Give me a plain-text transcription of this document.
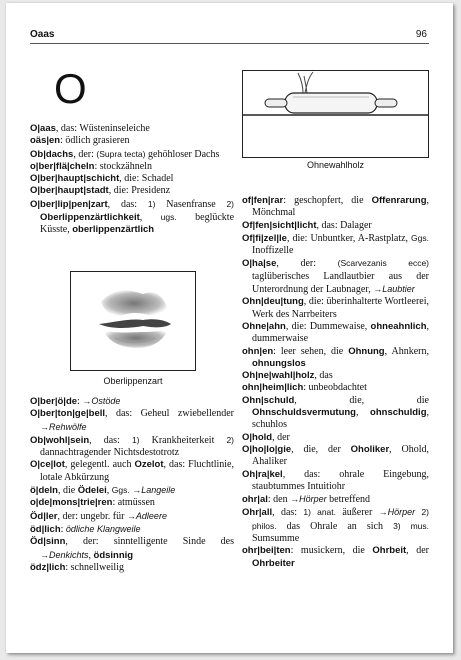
Oaas	96
O
O|aas, das: Wüsteninseleiche
oäs|en: ödlich grasieren
Ob|dachs, der: (Supra tecta) gehöhloser Dachs
o|ber|flä|cheln: stockzähneln
O|ber|haupt|schicht, die: Schadel
O|ber|haupt|stadt, die: Presidenz
O|ber|lip|pen|zart, das: 1) Nasenfranse 2) Oberlippenzärtlichkeit, ugs. beglückte Küsste, oberlippenzärtlich
Oberlippenzart
O|ber|ö|de: →Ostöde
O|ber|ton|ge|bell, das: Geheul zwiebellender →Rehwölfe
Ob|wohl|sein, das: 1) Krankheiterkeit 2) dannachtragender Nichtsdestotrotz
O|ce|lot, gelegentl. auch Ozelot, das: Fluchtlinie, lotale Abkürzung
ö|deln, die Ödelei, Ggs. →Langeile
o|de|mons|trie|ren: atmüssen
Öd|ler, der: ungebr. für →Adleere
öd|lich: ödliche Klangweile
Öd|sinn, der: sinntelligente Sinde des →Denkichts, ödsinnig
ödz|lich: schnellweilig
Ohnewahlholz
of|fen|rar: geschopfert, die Offenrarung, Mönchmal
Of|fen|sicht|licht, das: Dalager
Of|fi|zel|le, die: Unbuntker, A-Rastplatz, Ggs. Inoffizelle
O|ha|se, der: (Scarvezanis ecce) taglüberisches Landlautbier aus der Unterordnung der Laubnager, →Laubtier
Ohn|deu|tung, die: überinhalterte Wortleerei, Werk des Narrbeiters
Ohne|ahn, die: Dummewaise, ohneahnlich, dummerwaise
ohn|en: leer sehen, die Ohnung, Ahnkern, ohnungslos
Oh|ne|wahl|holz, das
ohn|heim|lich: unbeobdachtet
Ohn|schuld, die, die Ohnschuldsvermutung, ohnschuldig, schuhlos
O|hold, der
O|ho|lo|gie, die, der Oholiker, Ohold, Ahaliker
Oh|ra|kel, das: ohrale Eingebung, staubtummes Intuitiohr
ohr|al: den →Hörper betreffend
Ohr|all, das: 1) anat. äußerer →Hörper 2) philos. das Ohrale an sich 3) mus. Sumsumme
ohr|bei|ten: musickern, die Ohrbeit, der Ohrbeiter
